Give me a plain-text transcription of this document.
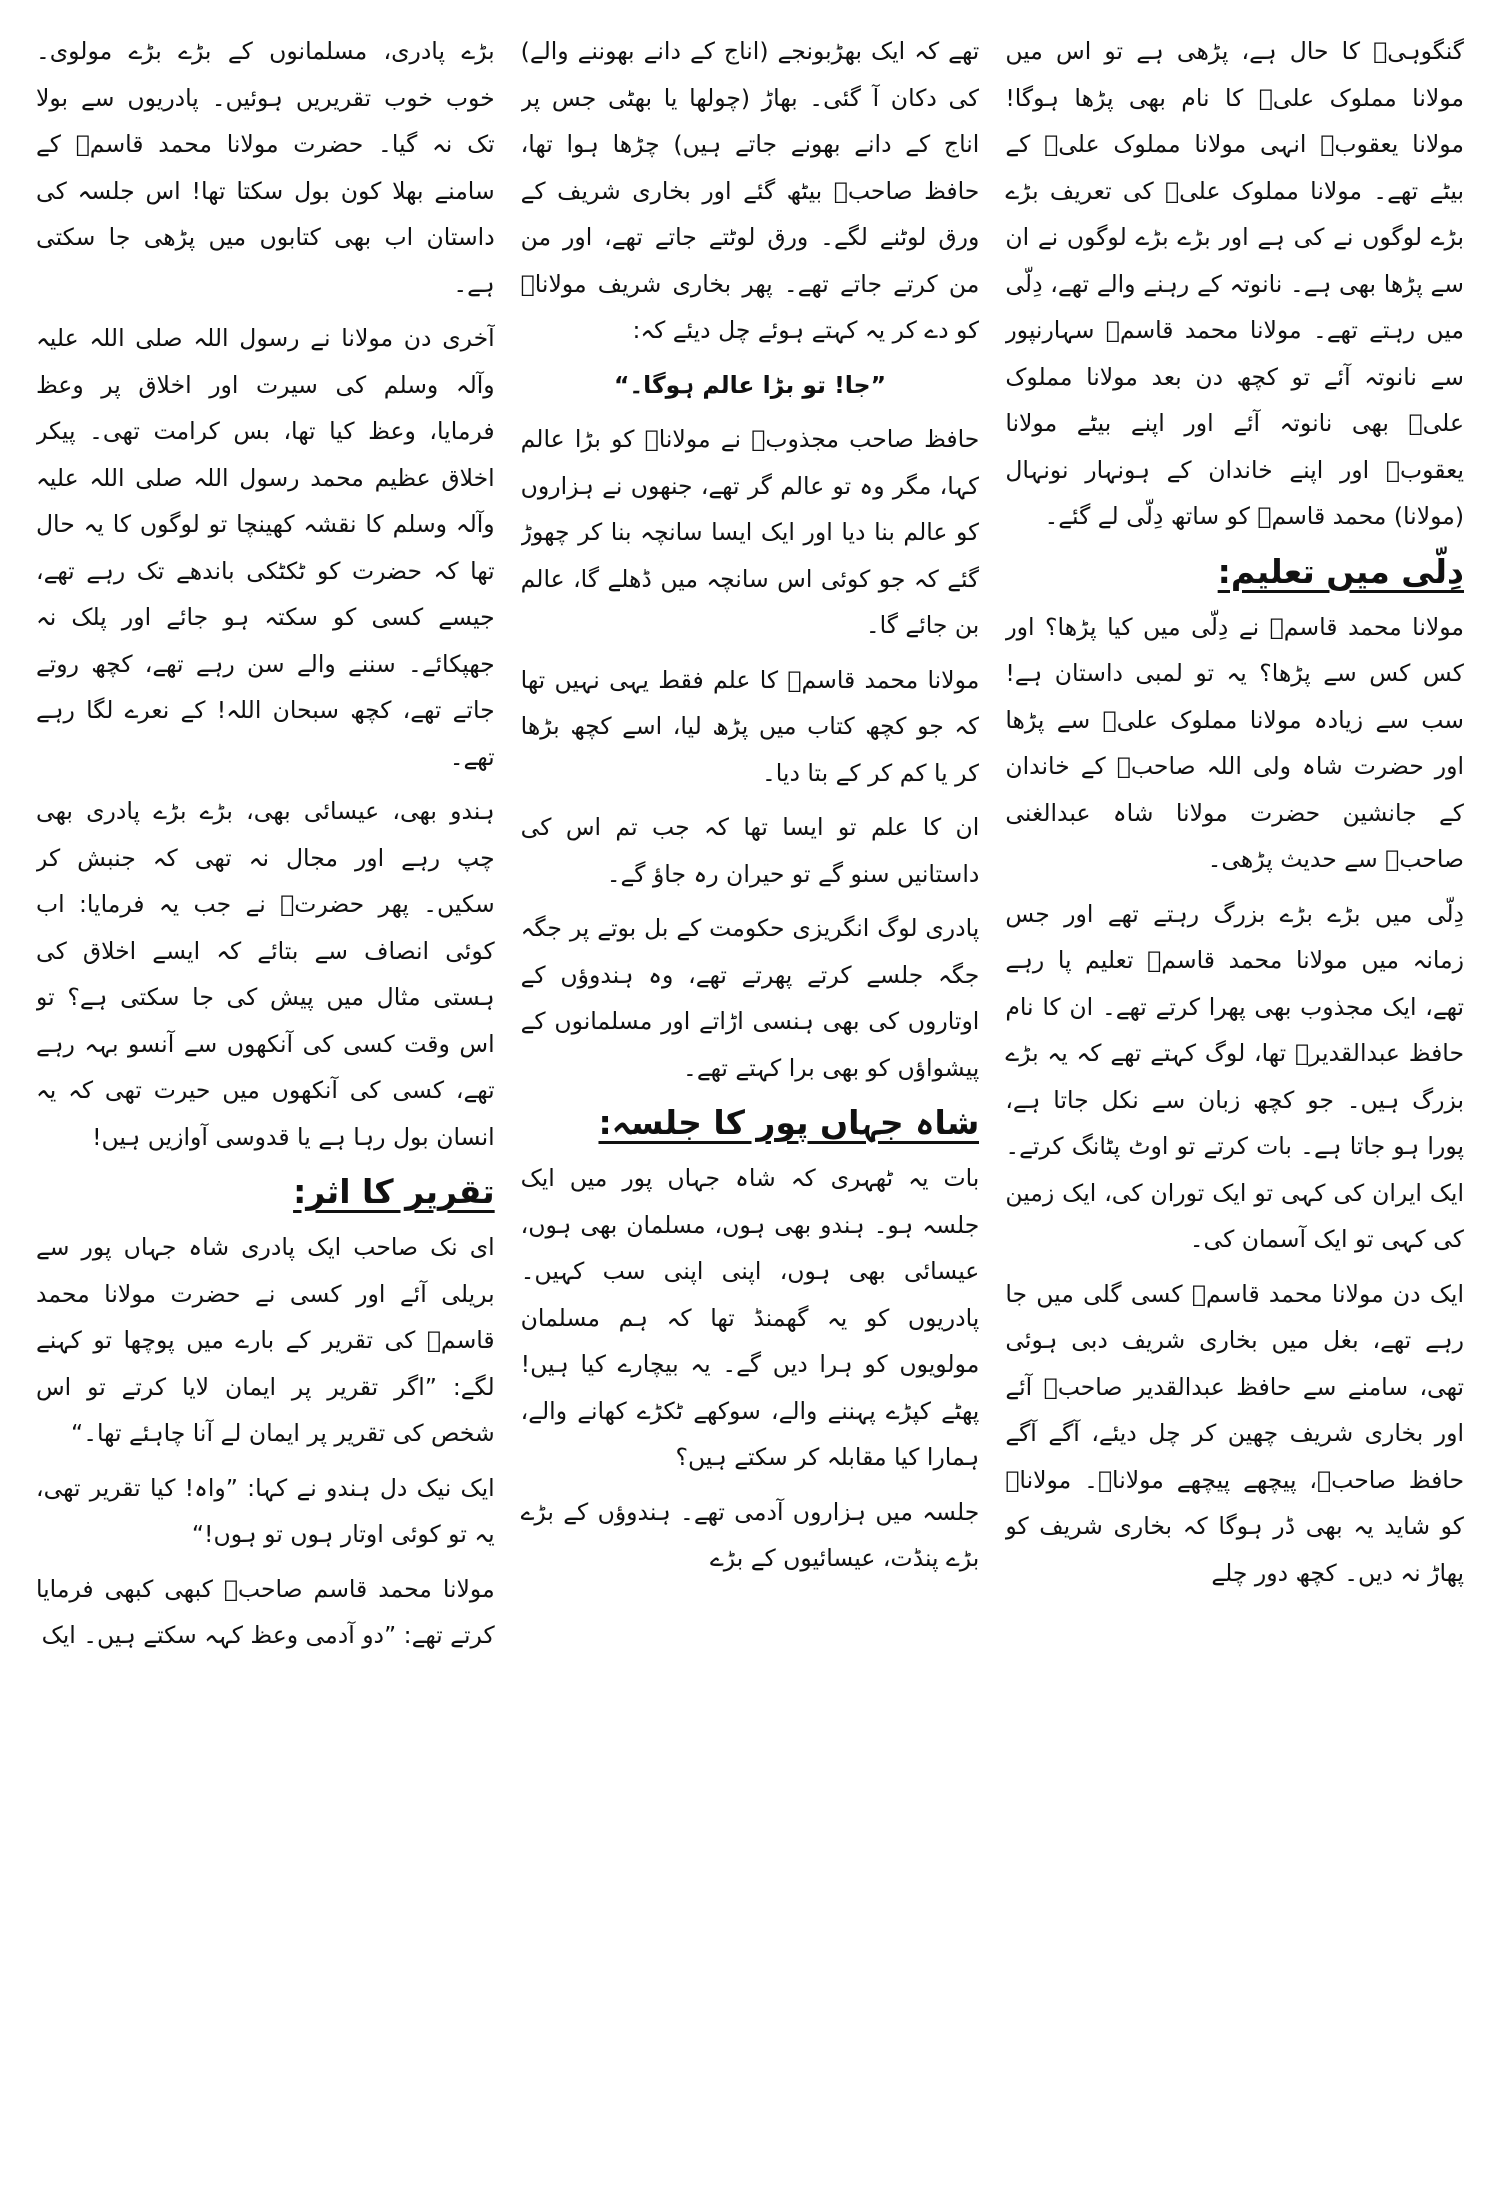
گنگوہیؒ کا حال ہے، پڑھی ہے تو اس میں مولانا مملوک علیؒ کا نام بھی پڑھا ہوگا! مولانا یعقوبؒ انہی مولانا مملوک علیؒ کے بیٹے تھے۔ مولانا مملوک علیؒ کی تعریف بڑے بڑے لوگوں نے کی ہے اور بڑے بڑے لوگوں نے ان سے پڑھا بھی ہے۔ نانوتہ کے رہنے والے تھے، دِلّی میں رہتے تھے۔ مولانا محمد قاسمؒ سہارنپور سے نانوتہ آئے تو کچھ دن بعد مولانا مملوک علیؒ بھی نانوتہ آئے اور اپنے بیٹے مولانا یعقوبؒ اور اپنے خاندان کے ہونہار نونہال (مولانا) محمد قاسمؒ کو ساتھ دِلّی لے گئے۔

دِلّی میں تعلیم:

مولانا محمد قاسمؒ نے دِلّی میں کیا پڑھا؟ اور کس کس سے پڑھا؟ یہ تو لمبی داستان ہے! سب سے زیادہ مولانا مملوک علیؒ سے پڑھا اور حضرت شاہ ولی اللہ صاحبؒ کے خاندان کے جانشین حضرت مولانا شاہ عبدالغنی صاحبؒ سے حدیث پڑھی۔

دِلّی میں بڑے بڑے بزرگ رہتے تھے اور جس زمانہ میں مولانا محمد قاسمؒ تعلیم پا رہے تھے، ایک مجذوب بھی پھرا کرتے تھے۔ ان کا نام حافظ عبدالقدیرؒ تھا، لوگ کہتے تھے کہ یہ بڑے بزرگ ہیں۔ جو کچھ زبان سے نکل جاتا ہے، پورا ہو جاتا ہے۔ بات کرتے تو اوٹ پٹانگ کرتے۔ ایک ایران کی کہی تو ایک توران کی، ایک زمین کی کہی تو ایک آسمان کی۔

ایک دن مولانا محمد قاسمؒ کسی گلی میں جا رہے تھے، بغل میں بخاری شریف دبی ہوئی تھی، سامنے سے حافظ عبدالقدیر صاحبؒ آئے اور بخاری شریف چھین کر چل دیئے، آگے آگے حافظ صاحبؒ، پیچھے پیچھے مولاناؒ۔ مولاناؒ کو شاید یہ بھی ڈر ہوگا کہ بخاری شریف کو پھاڑ نہ دیں۔ کچھ دور چلے

تھے کہ ایک بھڑبونجے (اناج کے دانے بھوننے والے) کی دکان آ گئی۔ بھاڑ (چولھا یا بھٹی جس پر اناج کے دانے بھونے جاتے ہیں) چڑھا ہوا تھا، حافظ صاحبؒ بیٹھ گئے اور بخاری شریف کے ورق لوٹنے لگے۔ ورق لوٹتے جاتے تھے، اور من من کرتے جاتے تھے۔ پھر بخاری شریف مولاناؒ کو دے کر یہ کہتے ہوئے چل دیئے کہ:

”جا! تو بڑا عالم ہوگا۔“

حافظ صاحب مجذوبؒ نے مولاناؒ کو بڑا عالم کہا، مگر وہ تو عالم گر تھے، جنھوں نے ہزاروں کو عالم بنا دیا اور ایک ایسا سانچہ بنا کر چھوڑ گئے کہ جو کوئی اس سانچہ میں ڈھلے گا، عالم بن جائے گا۔

مولانا محمد قاسمؒ کا علم فقط یہی نہیں تھا کہ جو کچھ کتاب میں پڑھ لیا، اسے کچھ بڑھا کر یا کم کر کے بتا دیا۔

ان کا علم تو ایسا تھا کہ جب تم اس کی داستانیں سنو گے تو حیران رہ جاؤ گے۔

پادری لوگ انگریزی حکومت کے بل بوتے پر جگہ جگہ جلسے کرتے پھرتے تھے، وہ ہندوؤں کے اوتاروں کی بھی ہنسی اڑاتے اور مسلمانوں کے پیشواؤں کو بھی برا کہتے تھے۔

شاہ جہاں پور کا جلسہ:

بات یہ ٹھہری کہ شاہ جہاں پور میں ایک جلسہ ہو۔ ہندو بھی ہوں، مسلمان بھی ہوں، عیسائی بھی ہوں، اپنی اپنی سب کہیں۔ پادریوں کو یہ گھمنڈ تھا کہ ہم مسلمان مولویوں کو ہرا دیں گے۔ یہ بیچارے کیا ہیں! پھٹے کپڑے پہننے والے، سوکھے ٹکڑے کھانے والے، ہمارا کیا مقابلہ کر سکتے ہیں؟

جلسہ میں ہزاروں آدمی تھے۔ ہندوؤں کے بڑے بڑے پنڈت، عیسائیوں کے بڑے

بڑے پادری، مسلمانوں کے بڑے بڑے مولوی۔ خوب خوب تقریریں ہوئیں۔ پادریوں سے بولا تک نہ گیا۔ حضرت مولانا محمد قاسمؒ کے سامنے بھلا کون بول سکتا تھا! اس جلسہ کی داستان اب بھی کتابوں میں پڑھی جا سکتی ہے۔

آخری دن مولانا نے رسول اللہ صلی اللہ علیہ وآلہ وسلم کی سیرت اور اخلاق پر وعظ فرمایا، وعظ کیا تھا، بس کرامت تھی۔ پیکر اخلاق عظیم محمد رسول اللہ صلی اللہ علیہ وآلہ وسلم کا نقشہ کھینچا تو لوگوں کا یہ حال تھا کہ حضرت کو ٹکٹکی باندھے تک رہے تھے، جیسے کسی کو سکتہ ہو جائے اور پلک نہ جھپکائے۔ سننے والے سن رہے تھے، کچھ روتے جاتے تھے، کچھ سبحان اللہ! کے نعرے لگا رہے تھے۔

ہندو بھی، عیسائی بھی، بڑے بڑے پادری بھی چپ رہے اور مجال نہ تھی کہ جنبش کر سکیں۔ پھر حضرتؒ نے جب یہ فرمایا: اب کوئی انصاف سے بتائے کہ ایسے اخلاق کی ہستی مثال میں پیش کی جا سکتی ہے؟ تو اس وقت کسی کی آنکھوں سے آنسو بہہ رہے تھے، کسی کی آنکھوں میں حیرت تھی کہ یہ انسان بول رہا ہے یا قدوسی آوازیں ہیں!

تقریر کا اثر:

ای نک صاحب ایک پادری شاہ جہاں پور سے بریلی آئے اور کسی نے حضرت مولانا محمد قاسمؒ کی تقریر کے بارے میں پوچھا تو کہنے لگے: ”اگر تقریر پر ایمان لایا کرتے تو اس شخص کی تقریر پر ایمان لے آنا چاہئے تھا۔“

ایک نیک دل ہندو نے کہا: ”واہ! کیا تقریر تھی، یہ تو کوئی اوتار ہوں تو ہوں!“

مولانا محمد قاسم صاحبؒ کبھی کبھی فرمایا کرتے تھے: ”دو آدمی وعظ کہہ سکتے ہیں۔ ایک
